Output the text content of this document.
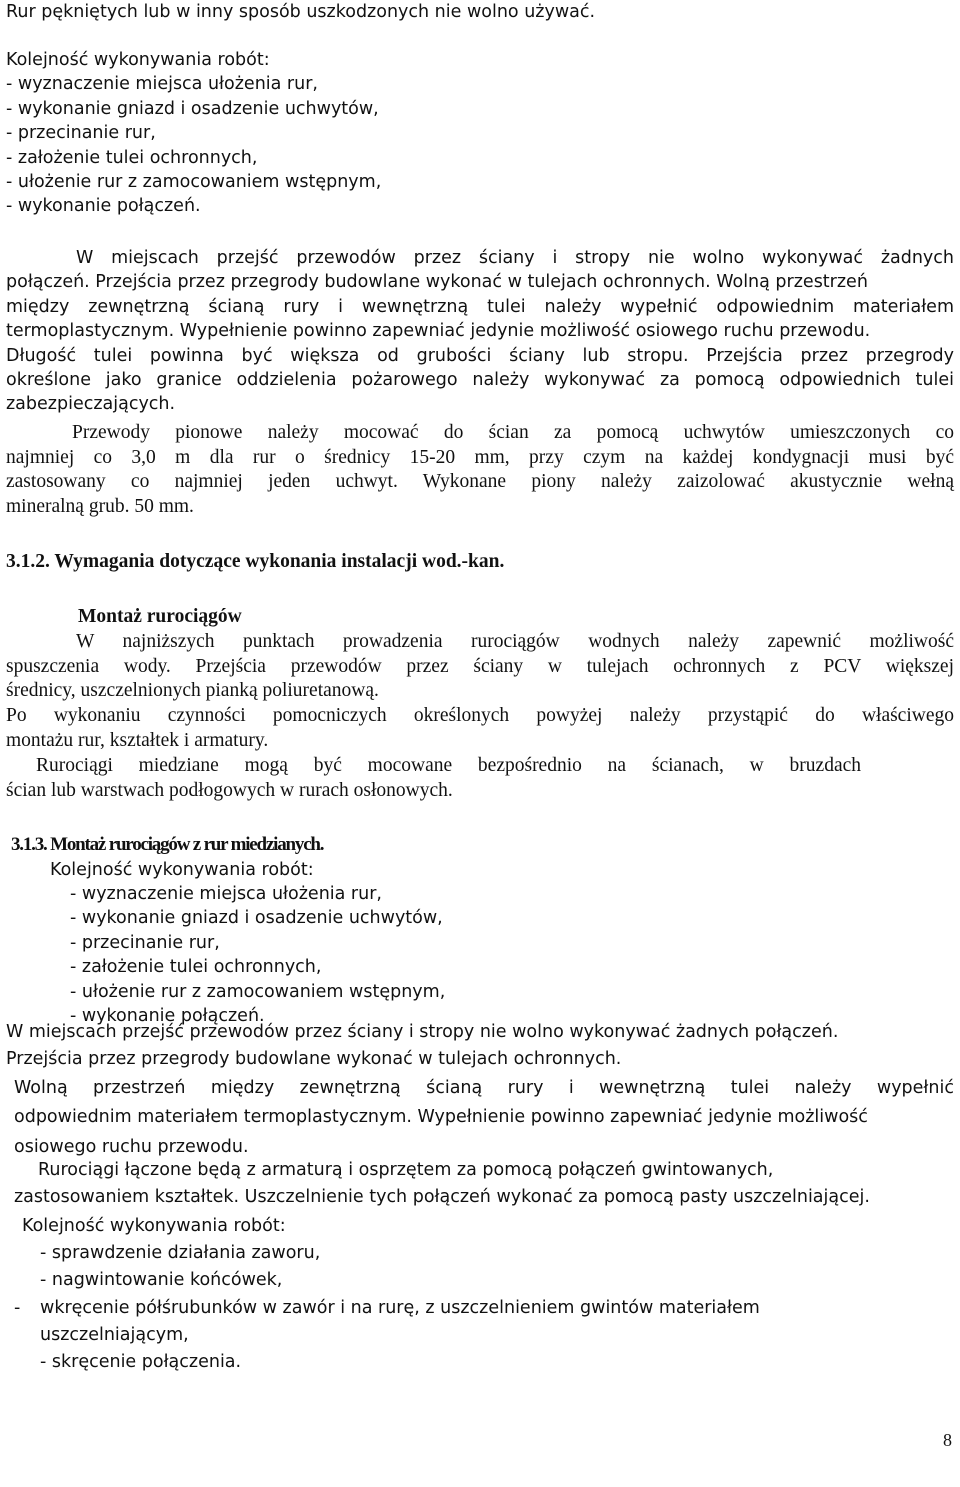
Rur pękniętych lub w inny sposób uszkodzonych nie wolno używać.
Kolejność wykonywania robót:
- wyznaczenie miejsca ułożenia rur,
- wykonanie gniazd i osadzenie uchwytów,
- przecinanie rur,
- założenie tulei ochronnych,
- ułożenie rur z zamocowaniem wstępnym,
- wykonanie połączeń.
W miejscach przejść przewodów przez ściany i stropy nie wolno wykonywać żadnych
połączeń. Przejścia przez przegrody budowlane wykonać w tulejach ochronnych. Wolną przestrzeń
między zewnętrzną ścianą rury i wewnętrzną tulei należy wypełnić odpowiednim materiałem
termoplastycznym. Wypełnienie powinno zapewniać jedynie możliwość osiowego ruchu przewodu.
Długość tulei powinna być większa od grubości ściany lub stropu. Przejścia przez przegrody
określone jako granice oddzielenia pożarowego należy wykonywać za pomocą odpowiednich tulei
zabezpieczających.
Przewody pionowe należy mocować do ścian za pomocą uchwytów umieszczonych co
najmniej co 3,0 m dla rur o średnicy 15-20 mm, przy czym na każdej kondygnacji musi być
zastosowany co najmniej jeden uchwyt. Wykonane piony należy zaizolować akustycznie wełną
mineralną grub. 50 mm.
3.1.2. Wymagania dotyczące wykonania instalacji wod.-kan.
Montaż rurociągów
W najniższych punktach prowadzenia rurociągów wodnych należy zapewnić możliwość
spuszczenia wody. Przejścia przewodów przez ściany w tulejach ochronnych z PCV większej
średnicy, uszczelnionych pianką poliuretanową.
Po wykonaniu czynności pomocniczych określonych powyżej należy przystąpić do właściwego
montażu rur, kształtek i armatury.
Rurociągi miedziane mogą być mocowane bezpośrednio na ścianach, w bruzdach
ścian lub warstwach podłogowych w rurach osłonowych.
3.1.3. Montaż rurociągów z rur miedzianych.
Kolejność wykonywania robót:
- wyznaczenie miejsca ułożenia rur,
- wykonanie gniazd i osadzenie uchwytów,
- przecinanie rur,
- założenie tulei ochronnych,
- ułożenie rur z zamocowaniem wstępnym,
- wykonanie połączeń.
W miejscach przejść przewodów przez ściany i stropy nie wolno wykonywać żadnych połączeń.
Przejścia przez przegrody budowlane wykonać w tulejach ochronnych.
Wolną przestrzeń między zewnętrzną ścianą rury i wewnętrzną tulei należy wypełnić
odpowiednim materiałem termoplastycznym. Wypełnienie powinno zapewniać jedynie możliwość
osiowego ruchu przewodu.
Rurociągi łączone będą z armaturą i osprzętem za pomocą połączeń gwintowanych,
zastosowaniem kształtek. Uszczelnienie tych połączeń wykonać za pomocą pasty uszczelniającej.
Kolejność wykonywania robót:
- sprawdzenie działania zaworu,
- nagwintowanie końcówek,
- wkręcenie półśrubunków w zawór i na rurę, z uszczelnieniem gwintów materiałem
uszczelniającym,
- skręcenie połączenia.
8
